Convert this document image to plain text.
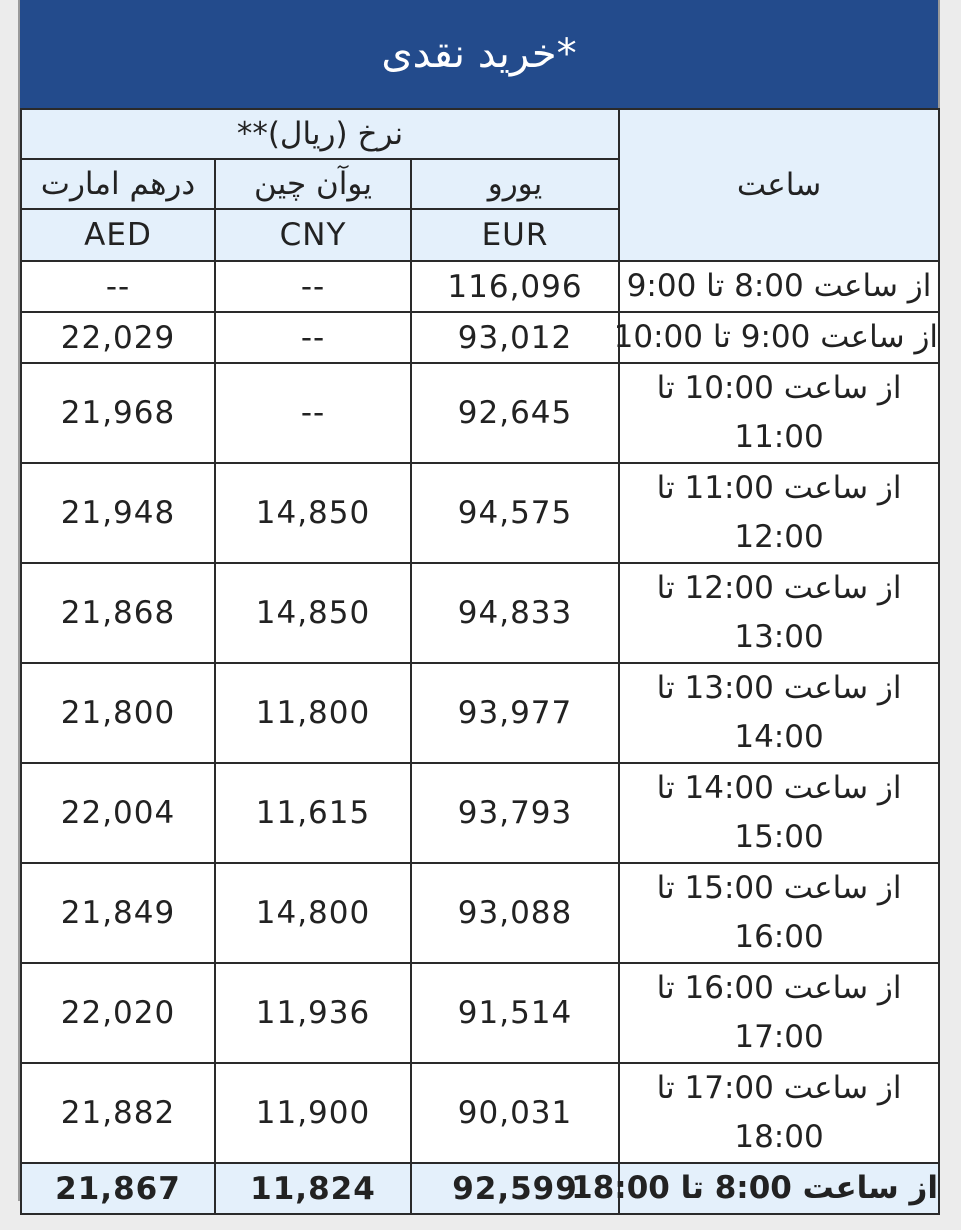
خرید نقدی*
نرخ (ریال)**			ساعت
درهم امارت	یوآن چین	یورو	
AED	CNY	EUR	
--	--	116,096	از ساعت 8:00 تا 9:00
22,029	--	93,012	از ساعت 9:00 تا 10:00
21,968	--	92,645	از ساعت 10:00 تا 11:00
21,948	14,850	94,575	از ساعت 11:00 تا 12:00
21,868	14,850	94,833	از ساعت 12:00 تا 13:00
21,800	11,800	93,977	از ساعت 13:00 تا 14:00
22,004	11,615	93,793	از ساعت 14:00 تا 15:00
21,849	14,800	93,088	از ساعت 15:00 تا 16:00
22,020	11,936	91,514	از ساعت 16:00 تا 17:00
21,882	11,900	90,031	از ساعت 17:00 تا 18:00
21,867	11,824	92,599	از ساعت 8:00 تا 18:00
